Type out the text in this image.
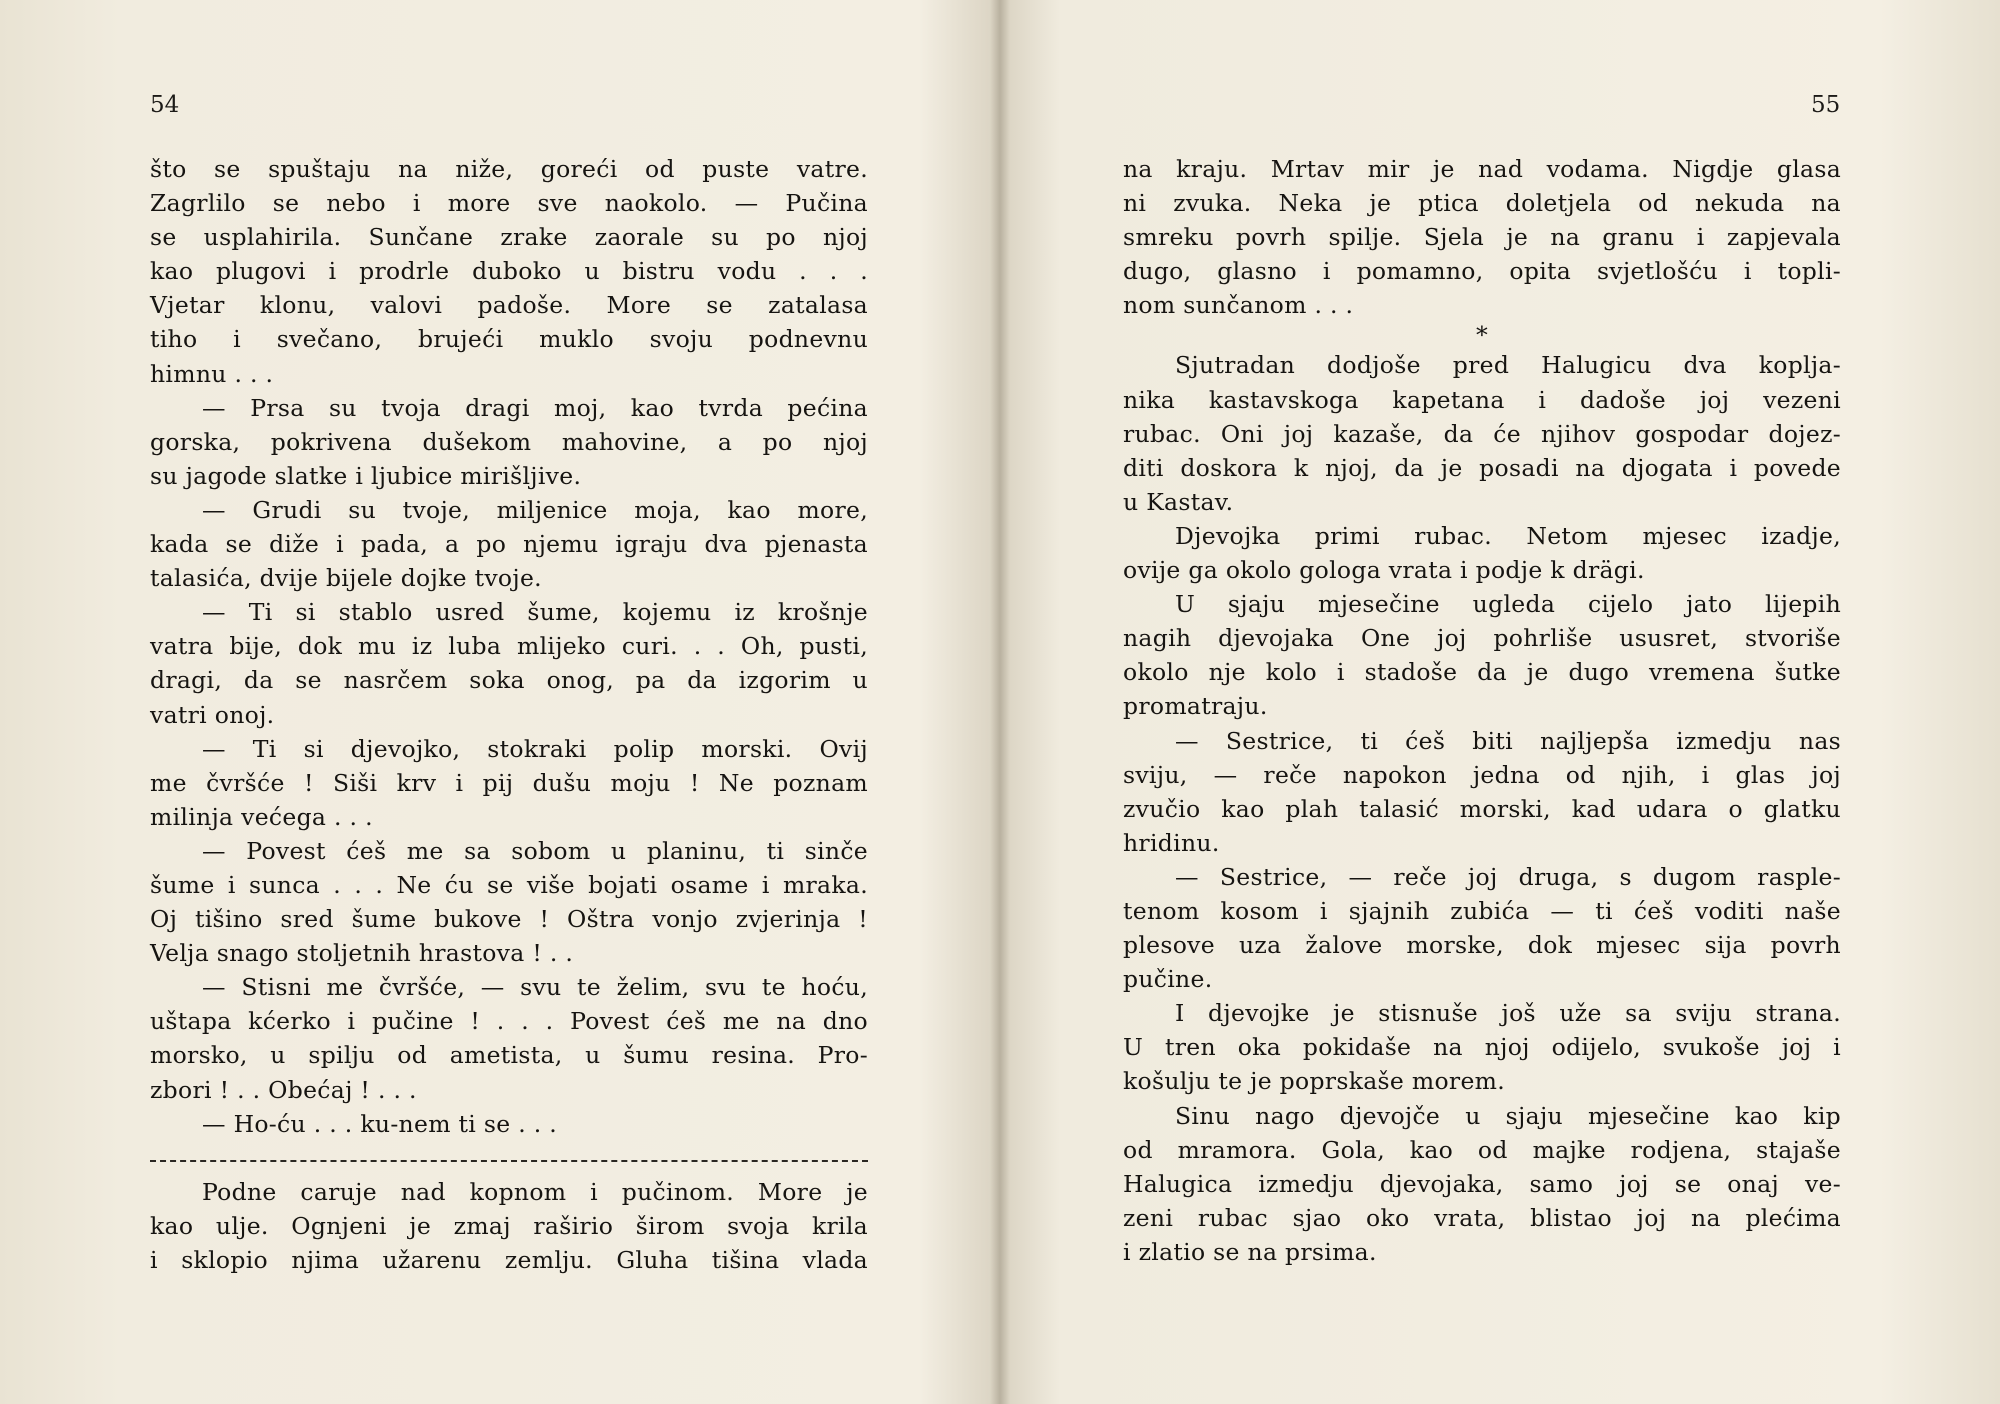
54
što se spuštaju na niže, goreći od puste vatre.
Zagrlilo se nebo i more sve naokolo. — Pučina
se usplahirila. Sunčane zrake zaorale su po njoj
kao plugovi i prodrle duboko u bistru vodu . . .
Vjetar klonu, valovi padoše. More se zatalasa
tiho i svečano, brujeći muklo svoju podnevnu
himnu . . .
— Prsa su tvoja dragi moj, kao tvrda pećina
gorska, pokrivena dušekom mahovine, a po njoj
su jagode slatke i ljubice mirišljive.
— Grudi su tvoje, miljenice moja, kao more,
kada se diže i pada, a po njemu igraju dva pjenasta
talasića, dvije bijele dojke tvoje.
— Ti si stablo usred šume, kojemu iz krošnje
vatra bije, dok mu iz luba mlijeko curi. . . Oh, pusti,
dragi, da se nasrčem soka onog, pa da izgorim u
vatri onoj.
— Ti si djevojko, stokraki polip morski. Ovij
me čvršće ! Siši krv i pij dušu moju ! Ne poznam
milinja većega . . .
— Povest ćeš me sa sobom u planinu, ti sinče
šume i sunca . . . Ne ću se više bojati osame i mraka.
Oj tišino sred šume bukove ! Oštra vonjo zvjerinja !
Velja snago stoljetnih hrastova ! . .
— Stisni me čvršće, — svu te želim, svu te hoću,
uštapa kćerko i pučine ! . . . Povest ćeš me na dno
morsko, u spilju od ametista, u šumu resina. Pro-
zbori ! . . Obećaj ! . . .
— Ho-ću . . . ku-nem ti se . . .
Podne caruje nad kopnom i pučinom. More je
kao ulje. Ognjeni je zmaj raširio širom svoja krila
i sklopio njima užarenu zemlju. Gluha tišina vlada
55
na kraju. Mrtav mir je nad vodama. Nigdje glasa
ni zvuka. Neka je ptica doletjela od nekuda na
smreku povrh spilje. Sjela je na granu i zapjevala
dugo, glasno i pomamno, opita svjetlošću i topli-
nom sunčanom . . .
*
Sjutradan dodjoše pred Halugicu dva koplja-
nika kastavskoga kapetana i dadoše joj vezeni
rubac. Oni joj kazaše, da će njihov gospodar dojez-
diti doskora k njoj, da je posadi na djogata i povede
u Kastav.
Djevojka primi rubac. Netom mjesec izadje,
ovije ga okolo gologa vrata i podje k drägi.
U sjaju mjesečine ugleda cijelo jato lijepih
nagih djevojaka One joj pohrliše ususret, stvoriše
okolo nje kolo i stadoše da je dugo vremena šutke
promatraju.
— Sestrice, ti ćeš biti najljepša izmedju nas
sviju, — reče napokon jedna od njih, i glas joj
zvučio kao plah talasić morski, kad udara o glatku
hridinu.
— Sestrice, — reče joj druga, s dugom rasple-
tenom kosom i sjajnih zubića — ti ćeš voditi naše
plesove uza žalove morske, dok mjesec sija povrh
pučine.
I djevojke je stisnuše još uže sa sviju strana.
U tren oka pokidaše na njoj odijelo, svukoše joj i
košulju te je poprskaše morem.
Sinu nago djevojče u sjaju mjesečine kao kip
od mramora. Gola, kao od majke rodjena, stajaše
Halugica izmedju djevojaka, samo joj se onaj ve-
zeni rubac sjao oko vrata, blistao joj na plećima
i zlatio se na prsima.
